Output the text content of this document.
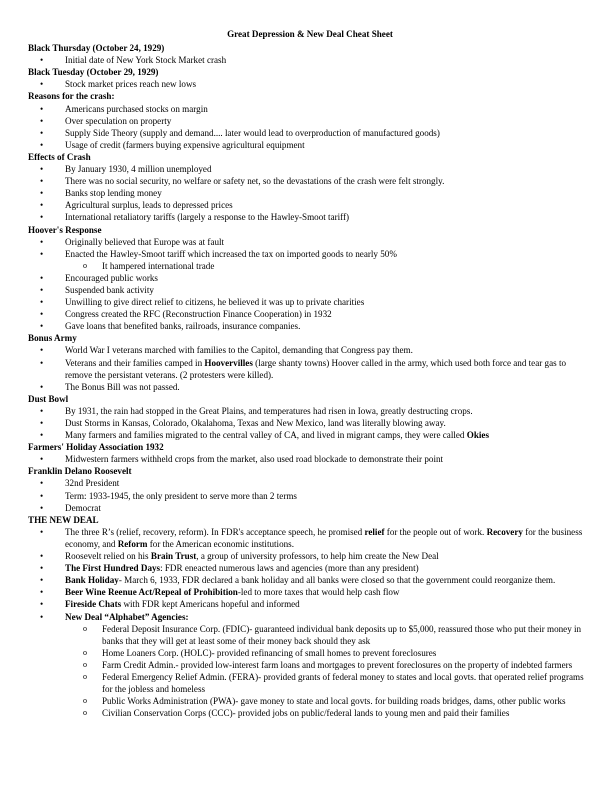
Great Depression & New Deal Cheat Sheet
Black Thursday (October 24, 1929)
• Initial date of New York Stock Market crash
Black Tuesday (October 29, 1929)
• Stock market prices reach new lows
Reasons for the crash:
• Americans purchased stocks on margin
• Over speculation on property
• Supply Side Theory (supply and demand.... later would lead to overproduction of manufactured goods)
• Usage of credit (farmers buying expensive agricultural equipment
Effects of Crash
• By January 1930, 4 million unemployed
• There was no social security, no welfare or safety net, so the devastations of the crash were felt strongly.
• Banks stop lending money
• Agricultural surplus, leads to depressed prices
• International retaliatory tariffs (largely a response to the Hawley-Smoot tariff)
Hoover's Response
• Originally believed that Europe was at fault
• Enacted the Hawley-Smoot tariff which increased the tax on imported goods to nearly 50%
o It hampered international trade
• Encouraged public works
• Suspended bank activity
• Unwilling to give direct relief to citizens, he believed it was up to private charities
• Congress created the RFC (Reconstruction Finance Cooperation) in 1932
• Gave loans that benefited banks, railroads, insurance companies.
Bonus Army
• World War I veterans marched with families to the Capitol, demanding that Congress pay them.
• Veterans and their families camped in Hoovervilles (large shanty towns) Hoover called in the army, which used both force and tear gas to remove the persistant veterans. (2 protesters were killed).
• The Bonus Bill was not passed.
Dust Bowl
• By 1931, the rain had stopped in the Great Plains, and temperatures had risen in Iowa, greatly destructing crops.
• Dust Storms in Kansas, Colorado, Okalahoma, Texas and New Mexico, land was literally blowing away.
• Many farmers and families migrated to the central valley of CA, and lived in migrant camps, they were called Okies
Farmers' Holiday Association 1932
• Midwestern farmers withheld crops from the market, also used road blockade to demonstrate their point
Franklin Delano Roosevelt
• 32nd President
• Term: 1933-1945, the only president to serve more than 2 terms
• Democrat
THE NEW DEAL
• The three R’s (relief, recovery, reform). In FDR's acceptance speech, he promised relief for the people out of work. Recovery for the business economy, and Reform for the American economic institutions.
• Roosevelt relied on his Brain Trust, a group of university professors, to help him create the New Deal
• The First Hundred Days: FDR eneacted numerous laws and agencies (more than any president)
• Bank Holiday- March 6, 1933, FDR declared a bank holiday and all banks were closed so that the government could reorganize them.
• Beer Wine Reenue Act/Repeal of Prohibition-led to more taxes that would help cash flow
• Fireside Chats with FDR kept Americans hopeful and informed
• New Deal “Alphabet” Agencies:
o Federal Deposit Insurance Corp. (FDIC)- guaranteed individual bank deposits up to $5,000, reassured those who put their money in banks that they will get at least some of their money back should they ask
o Home Loaners Corp. (HOLC)- provided refinancing of small homes to prevent foreclosures
o Farm Credit Admin.- provided low-interest farm loans and mortgages to prevent foreclosures on the property of indebted farmers
o Federal Emergency Relief Admin. (FERA)- provided grants of federal money to states and local govts. that operated relief programs for the jobless and homeless
o Public Works Administration (PWA)- gave money to state and local govts. for building roads bridges, dams, other public works
o Civilian Conservation Corps (CCC)- provided jobs on public/federal lands to young men and paid their families
